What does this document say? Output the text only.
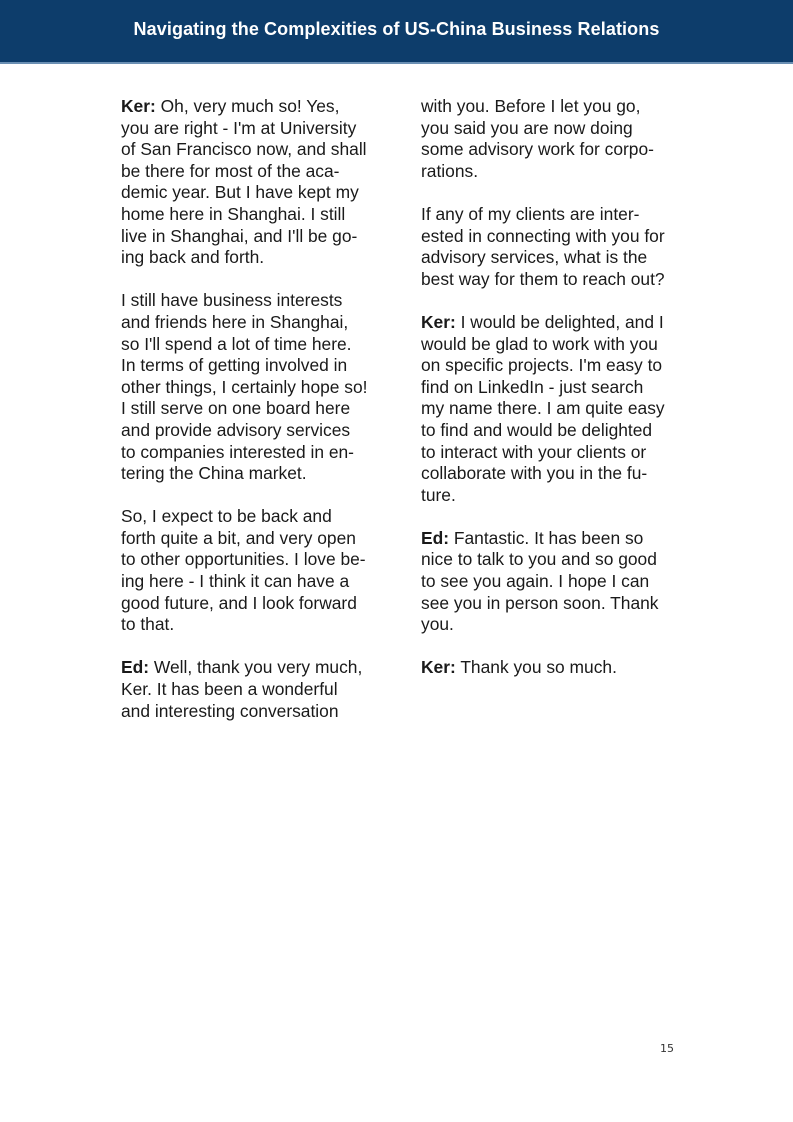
Navigating the Complexities of US-China Business Relations

Ker: Oh, very much so! Yes,
you are right - I'm at University
of San Francisco now, and shall
be there for most of the aca-
demic year. But I have kept my
home here in Shanghai. I still
live in Shanghai, and I'll be go-
ing back and forth.

I still have business interests
and friends here in Shanghai,
so I'll spend a lot of time here.
In terms of getting involved in
other things, I certainly hope so!
I still serve on one board here
and provide advisory services
to companies interested in en-
tering the China market.

So, I expect to be back and
forth quite a bit, and very open
to other opportunities. I love be-
ing here - I think it can have a
good future, and I look forward
to that.

Ed: Well, thank you very much,
Ker. It has been a wonderful
and interesting conversation

with you. Before I let you go,
you said you are now doing
some advisory work for corpo-
rations.

If any of my clients are inter-
ested in connecting with you for
advisory services, what is the
best way for them to reach out?

Ker: I would be delighted, and I
would be glad to work with you
on specific projects. I'm easy to
find on LinkedIn - just search
my name there. I am quite easy
to find and would be delighted
to interact with your clients or
collaborate with you in the fu-
ture.

Ed: Fantastic. It has been so
nice to talk to you and so good
to see you again. I hope I can
see you in person soon. Thank
you.

Ker: Thank you so much.

15
